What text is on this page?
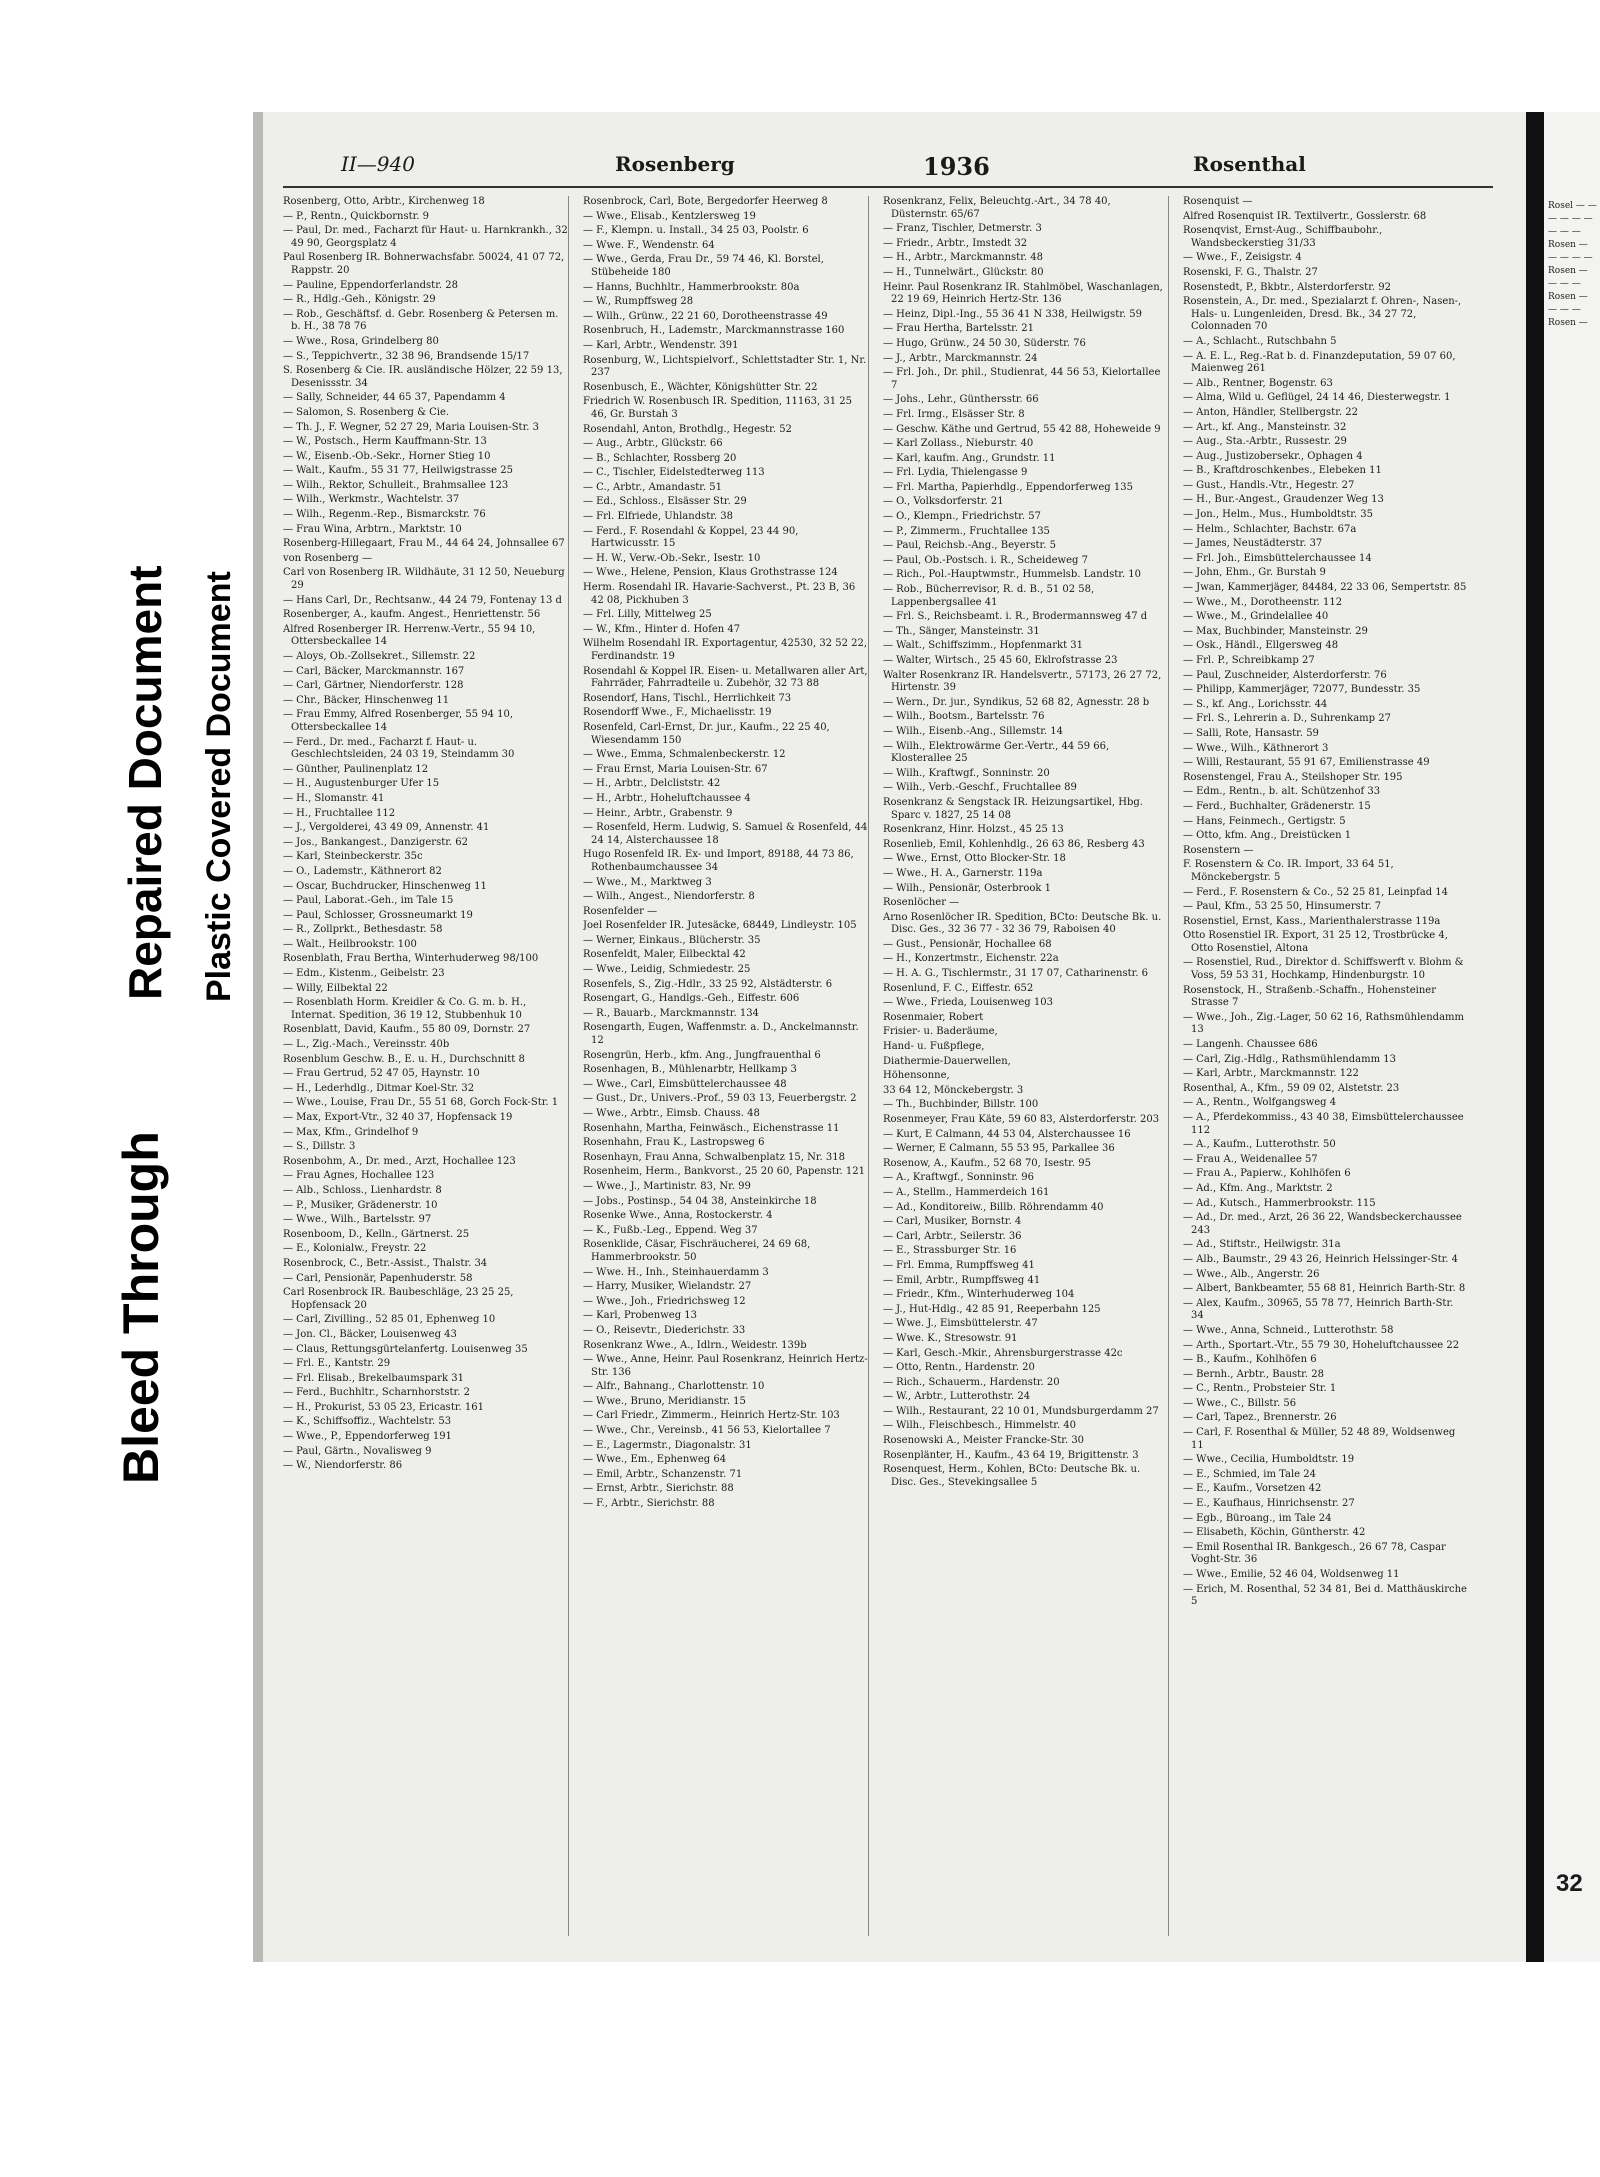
Bleed Through
Repaired Document Plastic Covered Document
II—940	Rosenberg	1936	Rosenthal

Rosenberg, Otto, Arbtr., Kirchenweg 18

— P., Rentn., Quickbornstr. 9

— Paul, Dr. med., Facharzt für Haut- u. Harnkrankh., 32 49 90, Georgsplatz 4

Paul Rosenberg IR. Bohnerwachsfabr. 50024, 41 07 72, Rappstr. 20

— Pauline, Eppendorferlandstr. 28

— R., Hdlg.-Geh., Königstr. 29

— Rob., Geschäftsf. d. Gebr. Rosenberg & Petersen m. b. H., 38 78 76

— Wwe., Rosa, Grindelberg 80

— S., Teppichvertr., 32 38 96, Brandsende 15/17

S. Rosenberg & Cie. IR. ausländische Hölzer, 22 59 13, Desenissstr. 34

— Sally, Schneider, 44 65 37, Papendamm 4

— Salomon, S. Rosenberg & Cie.

— Th. J., F. Wegner, 52 27 29, Maria Louisen-Str. 3

— W., Postsch., Herm Kauffmann-Str. 13

— W., Eisenb.-Ob.-Sekr., Horner Stieg 10

— Walt., Kaufm., 55 31 77, Heilwigstrasse 25

— Wilh., Rektor, Schulleit., Brahmsallee 123

— Wilh., Werkmstr., Wachtelstr. 37

— Wilh., Regenm.-Rep., Bismarckstr. 76

— Frau Wina, Arbtrn., Marktstr. 10

Rosenberg-Hillegaart, Frau M., 44 64 24, Johnsallee 67

von Rosenberg —

Carl von Rosenberg IR. Wildhäute, 31 12 50, Neueburg 29

— Hans Carl, Dr., Rechtsanw., 44 24 79, Fontenay 13 d

Rosenberger, A., kaufm. Angest., Henriettenstr. 56

Alfred Rosenberger IR. Herrenw.-Vertr., 55 94 10, Ottersbeckallee 14

— Aloys, Ob.-Zollsekret., Sillemstr. 22

— Carl, Bäcker, Marckmannstr. 167

— Carl, Gärtner, Niendorferstr. 128

— Chr., Bäcker, Hinschenweg 11

— Frau Emmy, Alfred Rosenberger, 55 94 10, Ottersbeckallee 14

— Ferd., Dr. med., Facharzt f. Haut- u. Geschlechtsleiden, 24 03 19, Steindamm 30

— Günther, Paulinenplatz 12

— H., Augustenburger Ufer 15

— H., Slomanstr. 41

— H., Fruchtallee 112

— J., Vergolderei, 43 49 09, Annenstr. 41

— Jos., Bankangest., Danzigerstr. 62

— Karl, Steinbeckerstr. 35c

— O., Lademstr., Käthnerort 82

— Oscar, Buchdrucker, Hinschenweg 11

— Paul, Laborat.-Geh., im Tale 15

— Paul, Schlosser, Grossneumarkt 19

— R., Zollprkt., Bethesdastr. 58

— Walt., Heilbrookstr. 100

Rosenblath, Frau Bertha, Winterhuderweg 98/100

— Edm., Kistenm., Geibelstr. 23

— Willy, Eilbektal 22

— Rosenblath Horm. Kreidler & Co. G. m. b. H., Internat. Spedition, 36 19 12, Stubbenhuk 10

Rosenblatt, David, Kaufm., 55 80 09, Dornstr. 27

— L., Zig.-Mach., Vereinsstr. 40b

Rosenblum Geschw. B., E. u. H., Durchschnitt 8

— Frau Gertrud, 52 47 05, Haynstr. 10

— H., Lederhdlg., Ditmar Koel-Str. 32

— Wwe., Louise, Frau Dr., 55 51 68, Gorch Fock-Str. 1

— Max, Export-Vtr., 32 40 37, Hopfensack 19

— Max, Kfm., Grindelhof 9

— S., Dillstr. 3

Rosenbohm, A., Dr. med., Arzt, Hochallee 123

— Frau Agnes, Hochallee 123

— Alb., Schloss., Lienhardstr. 8

— P., Musiker, Grädenerstr. 10

— Wwe., Wilh., Bartelsstr. 97

Rosenboom, D., Kelln., Gärtnerst. 25

— E., Kolonialw., Freystr. 22

Rosenbrock, C., Betr.-Assist., Thalstr. 34

— Carl, Pensionär, Papenhuderstr. 58

Carl Rosenbrock IR. Baubeschläge, 23 25 25, Hopfensack 20

— Carl, Zivilling., 52 85 01, Ephenweg 10

— Jon. Cl., Bäcker, Louisenweg 43

— Claus, Rettungsgürtelanfertg. Louisenweg 35

— Frl. E., Kantstr. 29

— Frl. Elisab., Brekelbaumspark 31

— Ferd., Buchhltr., Scharnhorststr. 2

— H., Prokurist, 53 05 23, Ericastr. 161

— K., Schiffsoffiz., Wachtelstr. 53

— Wwe., P., Eppendorferweg 191

— Paul, Gärtn., Novalisweg 9

— W., Niendorferstr. 86

Rosenbrock, Carl, Bote, Bergedorfer Heerweg 8

— Wwe., Elisab., Kentzlersweg 19

— F., Klempn. u. Install., 34 25 03, Poolstr. 6

— Wwe. F., Wendenstr. 64

— Wwe., Gerda, Frau Dr., 59 74 46, Kl. Borstel, Stübeheide 180

— Hanns, Buchhltr., Hammerbrookstr. 80a

— W., Rumpffsweg 28

— Wilh., Grünw., 22 21 60, Dorotheenstrasse 49

Rosenbruch, H., Lademstr., Marckmannstrasse 160

— Karl, Arbtr., Wendenstr. 391

Rosenburg, W., Lichtspielvorf., Schlettstadter Str. 1, Nr. 237

Rosenbusch, E., Wächter, Königshütter Str. 22

Friedrich W. Rosenbusch IR. Spedition, 11163, 31 25 46, Gr. Burstah 3

Rosendahl, Anton, Brothdlg., Hegestr. 52

— Aug., Arbtr., Glückstr. 66

— B., Schlachter, Rossberg 20

— C., Tischler, Eidelstedterweg 113

— C., Arbtr., Amandastr. 51

— Ed., Schloss., Elsässer Str. 29

— Frl. Elfriede, Uhlandstr. 38

— Ferd., F. Rosendahl & Koppel, 23 44 90, Hartwicusstr. 15

— H. W., Verw.-Ob.-Sekr., Isestr. 10

— Wwe., Helene, Pension, Klaus Grothstrasse 124

Herm. Rosendahl IR. Havarie-Sachverst., Pt. 23 B, 36 42 08, Pickhuben 3

— Frl. Lilly, Mittelweg 25

— W., Kfm., Hinter d. Hofen 47

Wilhelm Rosendahl IR. Exportagentur, 42530, 32 52 22, Ferdinandstr. 19

Rosendahl & Koppel IR. Eisen- u. Metallwaren aller Art, Fahrräder, Fahrradteile u. Zubehör, 32 73 88

Rosendorf, Hans, Tischl., Herrlichkeit 73

Rosendorff Wwe., F., Michaelisstr. 19

Rosenfeld, Carl-Ernst, Dr. jur., Kaufm., 22 25 40, Wiesendamm 150

— Wwe., Emma, Schmalenbeckerstr. 12

— Frau Ernst, Maria Louisen-Str. 67

— H., Arbtr., Delcliststr. 42

— H., Arbtr., Hoheluftchaussee 4

— Heinr., Arbtr., Grabenstr. 9

— Rosenfeld, Herm. Ludwig, S. Samuel & Rosenfeld, 44 24 14, Alsterchaussee 18

Hugo Rosenfeld IR. Ex- und Import, 89188, 44 73 86, Rothenbaumchaussee 34

— Wwe., M., Marktweg 3

— Wilh., Angest., Niendorferstr. 8

Rosenfelder —

Joel Rosenfelder IR. Jutesäcke, 68449, Lindleystr. 105

— Werner, Einkaus., Blücherstr. 35

Rosenfeldt, Maler, Eilbecktal 42

— Wwe., Leidig, Schmiedestr. 25

Rosenfels, S., Zig.-Hdlr., 33 25 92, Alstädterstr. 6

Rosengart, G., Handlgs.-Geh., Eiffestr. 606

— R., Bauarb., Marckmannstr. 134

Rosengarth, Eugen, Waffenmstr. a. D., Anckelmannstr. 12

Rosengrün, Herb., kfm. Ang., Jungfrauenthal 6

Rosenhagen, B., Mühlenarbtr, Hellkamp 3

— Wwe., Carl, Eimsbüttelerchaussee 48

— Gust., Dr., Univers.-Prof., 59 03 13, Feuerbergstr. 2

— Wwe., Arbtr., Eimsb. Chauss. 48

Rosenhahn, Martha, Feinwäsch., Eichenstrasse 11

Rosenhahn, Frau K., Lastropsweg 6

Rosenhayn, Frau Anna, Schwalbenplatz 15, Nr. 318

Rosenheim, Herm., Bankvorst., 25 20 60, Papenstr. 121

— Wwe., J., Martinistr. 83, Nr. 99

— Jobs., Postinsp., 54 04 38, Ansteinkirche 18

Rosenke Wwe., Anna, Rostockerstr. 4

— K., Fußb.-Leg., Eppend. Weg 37

Rosenklide, Cäsar, Fischräucherei, 24 69 68, Hammerbrookstr. 50

— Wwe. H., Inh., Steinhauerdamm 3

— Harry, Musiker, Wielandstr. 27

— Wwe., Joh., Friedrichsweg 12

— Karl, Probenweg 13

— O., Reisevtr., Diederichstr. 33

Rosenkranz Wwe., A., Idlrn., Weidestr. 139b

— Wwe., Anne, Heinr. Paul Rosenkranz, Heinrich Hertz-Str. 136

— Alfr., Bahnang., Charlottenstr. 10

— Wwe., Bruno, Meridianstr. 15

— Carl Friedr., Zimmerm., Heinrich Hertz-Str. 103

— Wwe., Chr., Vereinsb., 41 56 53, Kielortallee 7

— E., Lagermstr., Diagonalstr. 31

— Wwe., Em., Ephenweg 64

— Emil, Arbtr., Schanzenstr. 71

— Ernst, Arbtr., Sierichstr. 88

— F., Arbtr., Sierichstr. 88

Rosenkranz, Felix, Beleuchtg.-Art., 34 78 40, Düsternstr. 65/67

— Franz, Tischler, Detmerstr. 3

— Friedr., Arbtr., Imstedt 32

— H., Arbtr., Marckmannstr. 48

— H., Tunnelwärt., Glückstr. 80

Heinr. Paul Rosenkranz IR. Stahlmöbel, Waschanlagen, 22 19 69, Heinrich Hertz-Str. 136

— Heinz, Dipl.-Ing., 55 36 41 N 338, Heilwigstr. 59

— Frau Hertha, Bartelsstr. 21

— Hugo, Grünw., 24 50 30, Süderstr. 76

— J., Arbtr., Marckmannstr. 24

— Frl. Joh., Dr. phil., Studienrat, 44 56 53, Kielortallee 7

— Johs., Lehr., Günthersstr. 66

— Frl. Irmg., Elsässer Str. 8

— Geschw. Käthe und Gertrud, 55 42 88, Hoheweide 9

— Karl Zollass., Nieburstr. 40

— Karl, kaufm. Ang., Grundstr. 11

— Frl. Lydia, Thielengasse 9

— Frl. Martha, Papierhdlg., Eppendorferweg 135

— O., Volksdorferstr. 21

— O., Klempn., Friedrichstr. 57

— P., Zimmerm., Fruchtallee 135

— Paul, Reichsb.-Ang., Beyerstr. 5

— Paul, Ob.-Postsch. i. R., Scheideweg 7

— Rich., Pol.-Hauptwmstr., Hummelsb. Landstr. 10

— Rob., Bücherrevisor, R. d. B., 51 02 58, Lappenbergsallee 41

— Frl. S., Reichsbeamt. i. R., Brodermannsweg 47 d

— Th., Sänger, Mansteinstr. 31

— Walt., Schiffszimm., Hopfenmarkt 31

— Walter, Wirtsch., 25 45 60, Eklrofstrasse 23

Walter Rosenkranz IR. Handelsvertr., 57173, 26 27 72, Hirtenstr. 39

— Wern., Dr. jur., Syndikus, 52 68 82, Agnesstr. 28 b

— Wilh., Bootsm., Bartelsstr. 76

— Wilh., Eisenb.-Ang., Sillemstr. 14

— Wilh., Elektrowärme Ger.-Vertr., 44 59 66, Klosterallee 25

— Wilh., Kraftwgf., Sonninstr. 20

— Wilh., Verb.-Geschf., Fruchtallee 89

Rosenkranz & Sengstack IR. Heizungsartikel, Hbg. Sparc v. 1827, 25 14 08

Rosenkranz, Hinr. Holzst., 45 25 13

Rosenlieb, Emil, Kohlenhdlg., 26 63 86, Resberg 43

— Wwe., Ernst, Otto Blocker-Str. 18

— Wwe., H. A., Garnerstr. 119a

— Wilh., Pensionär, Osterbrook 1

Rosenlöcher —

Arno Rosenlöcher IR. Spedition, BCto: Deutsche Bk. u. Disc. Ges., 32 36 77 - 32 36 79, Raboisen 40

— Gust., Pensionär, Hochallee 68

— H., Konzertmstr., Eichenstr. 22a

— H. A. G., Tischlermstr., 31 17 07, Catharinenstr. 6

Rosenlund, F. C., Eiffestr. 652

— Wwe., Frieda, Louisenweg 103

Rosenmaier, Robert

Frisier- u. Baderäume,

Hand- u. Fußpflege,

Diathermie-Dauerwellen,

Höhensonne,

33 64 12, Mönckebergstr. 3

— Th., Buchbinder, Billstr. 100

Rosenmeyer, Frau Käte, 59 60 83, Alsterdorferstr. 203

— Kurt, E Calmann, 44 53 04, Alsterchaussee 16

— Werner, E Calmann, 55 53 95, Parkallee 36

Rosenow, A., Kaufm., 52 68 70, Isestr. 95

— A., Kraftwgf., Sonninstr. 96

— A., Stellm., Hammerdeich 161

— Ad., Konditoreiw., Billb. Röhrendamm 40

— Carl, Musiker, Bornstr. 4

— Carl, Arbtr., Seilerstr. 36

— E., Strassburger Str. 16

— Frl. Emma, Rumpffsweg 41

— Emil, Arbtr., Rumpffsweg 41

— Friedr., Kfm., Winterhuderweg 104

— J., Hut-Hdlg., 42 85 91, Reeperbahn 125

— Wwe. J., Eimsbüttelerstr. 47

— Wwe. K., Stresowstr. 91

— Karl, Gesch.-Mkir., Ahrensburgerstrasse 42c

— Otto, Rentn., Hardenstr. 20

— Rich., Schauerm., Hardenstr. 20

— W., Arbtr., Lutterothstr. 24

— Wilh., Restaurant, 22 10 01, Mundsburgerdamm 27

— Wilh., Fleischbesch., Himmelstr. 40

Rosenowski A., Meister Francke-Str. 30

Rosenplänter, H., Kaufm., 43 64 19, Brigittenstr. 3

Rosenquest, Herm., Kohlen, BCto: Deutsche Bk. u. Disc. Ges., Stevekingsallee 5

Rosenquist —

Alfred Rosenquist IR. Textilvertr., Gosslerstr. 68

Rosenqvist, Ernst-Aug., Schiffbaubohr., Wandsbeckerstieg 31/33

— Wwe., F., Zeisigstr. 4

Rosenski, F. G., Thalstr. 27

Rosenstedt, P., Bkbtr., Alsterdorferstr. 92

Rosenstein, A., Dr. med., Spezialarzt f. Ohren-, Nasen-, Hals- u. Lungenleiden, Dresd. Bk., 34 27 72, Colonnaden 70

— A., Schlacht., Rutschbahn 5

— A. E. L., Reg.-Rat b. d. Finanzdeputation, 59 07 60, Maienweg 261

— Alb., Rentner, Bogenstr. 63

— Alma, Wild u. Geflügel, 24 14 46, Diesterwegstr. 1

— Anton, Händler, Stellbergstr. 22

— Art., kf. Ang., Mansteinstr. 32

— Aug., Sta.-Arbtr., Russestr. 29

— Aug., Justizobersekr., Ophagen 4

— B., Kraftdroschkenbes., Elebeken 11

— Gust., Handls.-Vtr., Hegestr. 27

— H., Bur.-Angest., Graudenzer Weg 13

— Jon., Helm., Mus., Humboldtstr. 35

— Helm., Schlachter, Bachstr. 67a

— James, Neustädterstr. 37

— Frl. Joh., Eimsbüttelerchaussee 14

— John, Ehm., Gr. Burstah 9

— Jwan, Kammerjäger, 84484, 22 33 06, Sempertstr. 85

— Wwe., M., Dorotheenstr. 112

— Wwe., M., Grindelallee 40

— Max, Buchbinder, Mansteinstr. 29

— Osk., Händl., Ellgersweg 48

— Frl. P., Schreibkamp 27

— Paul, Zuschneider, Alsterdorferstr. 76

— Philipp, Kammerjäger, 72077, Bundesstr. 35

— S., kf. Ang., Lorichsstr. 44

— Frl. S., Lehrerin a. D., Suhrenkamp 27

— Salli, Rote, Hansastr. 59

— Wwe., Wilh., Käthnerort 3

— Willi, Restaurant, 55 91 67, Emilienstrasse 49

Rosenstengel, Frau A., Steilshoper Str. 195

— Edm., Rentn., b. alt. Schützenhof 33

— Ferd., Buchhalter, Grädenerstr. 15

— Hans, Feinmech., Gertigstr. 5

— Otto, kfm. Ang., Dreistücken 1

Rosenstern —

F. Rosenstern & Co. IR. Import, 33 64 51, Mönckebergstr. 5

— Ferd., F. Rosenstern & Co., 52 25 81, Leinpfad 14

— Paul, Kfm., 53 25 50, Hinsumerstr. 7

Rosenstiel, Ernst, Kass., Marienthalerstrasse 119a

Otto Rosenstiel IR. Export, 31 25 12, Trostbrücke 4, Otto Rosenstiel, Altona

— Rosenstiel, Rud., Direktor d. Schiffswerft v. Blohm & Voss, 59 53 31, Hochkamp, Hindenburgstr. 10

Rosenstock, H., Straßenb.-Schaffn., Hohensteiner Strasse 7

— Wwe., Joh., Zig.-Lager, 50 62 16, Rathsmühlendamm 13

— Langenh. Chaussee 686

— Carl, Zig.-Hdlg., Rathsmühlendamm 13

— Karl, Arbtr., Marckmannstr. 122

Rosenthal, A., Kfm., 59 09 02, Alstetstr. 23

— A., Rentn., Wolfgangsweg 4

— A., Pferdekommiss., 43 40 38, Eimsbüttelerchaussee 112

— A., Kaufm., Lutterothstr. 50

— Frau A., Weidenallee 57

— Frau A., Papierw., Kohlhöfen 6

— Ad., Kfm. Ang., Marktstr. 2

— Ad., Kutsch., Hammerbrookstr. 115

— Ad., Dr. med., Arzt, 26 36 22, Wandsbeckerchaussee 243

— Ad., Stiftstr., Heilwigstr. 31a

— Alb., Baumstr., 29 43 26, Heinrich Helssinger-Str. 4

— Wwe., Alb., Angerstr. 26

— Albert, Bankbeamter, 55 68 81, Heinrich Barth-Str. 8

— Alex, Kaufm., 30965, 55 78 77, Heinrich Barth-Str. 34

— Wwe., Anna, Schneid., Lutterothstr. 58

— Arth., Sportart.-Vtr., 55 79 30, Hoheluftchaussee 22

— B., Kaufm., Kohlhöfen 6

— Bernh., Arbtr., Baustr. 28

— C., Rentn., Probsteier Str. 1

— Wwe., C., Billstr. 56

— Carl, Tapez., Brennerstr. 26

— Carl, F. Rosenthal & Müller, 52 48 89, Woldsenweg 11

— Wwe., Cecilia, Humboldtstr. 19

— E., Schmied, im Tale 24

— E., Kaufm., Vorsetzen 42

— E., Kaufhaus, Hinrichsenstr. 27

— Egb., Büroang., im Tale 24

— Elisabeth, Köchin, Güntherstr. 42

— Emil Rosenthal IR. Bankgesch., 26 67 78, Caspar Voght-Str. 36

— Wwe., Emilie, 52 46 04, Woldsenweg 11

— Erich, M. Rosenthal, 52 34 81, Bei d. Matthäuskirche 5

Rosel — — — — — — — — — Rosen — — — — — Rosen — — — — Rosen — — — — Rosen —
32
